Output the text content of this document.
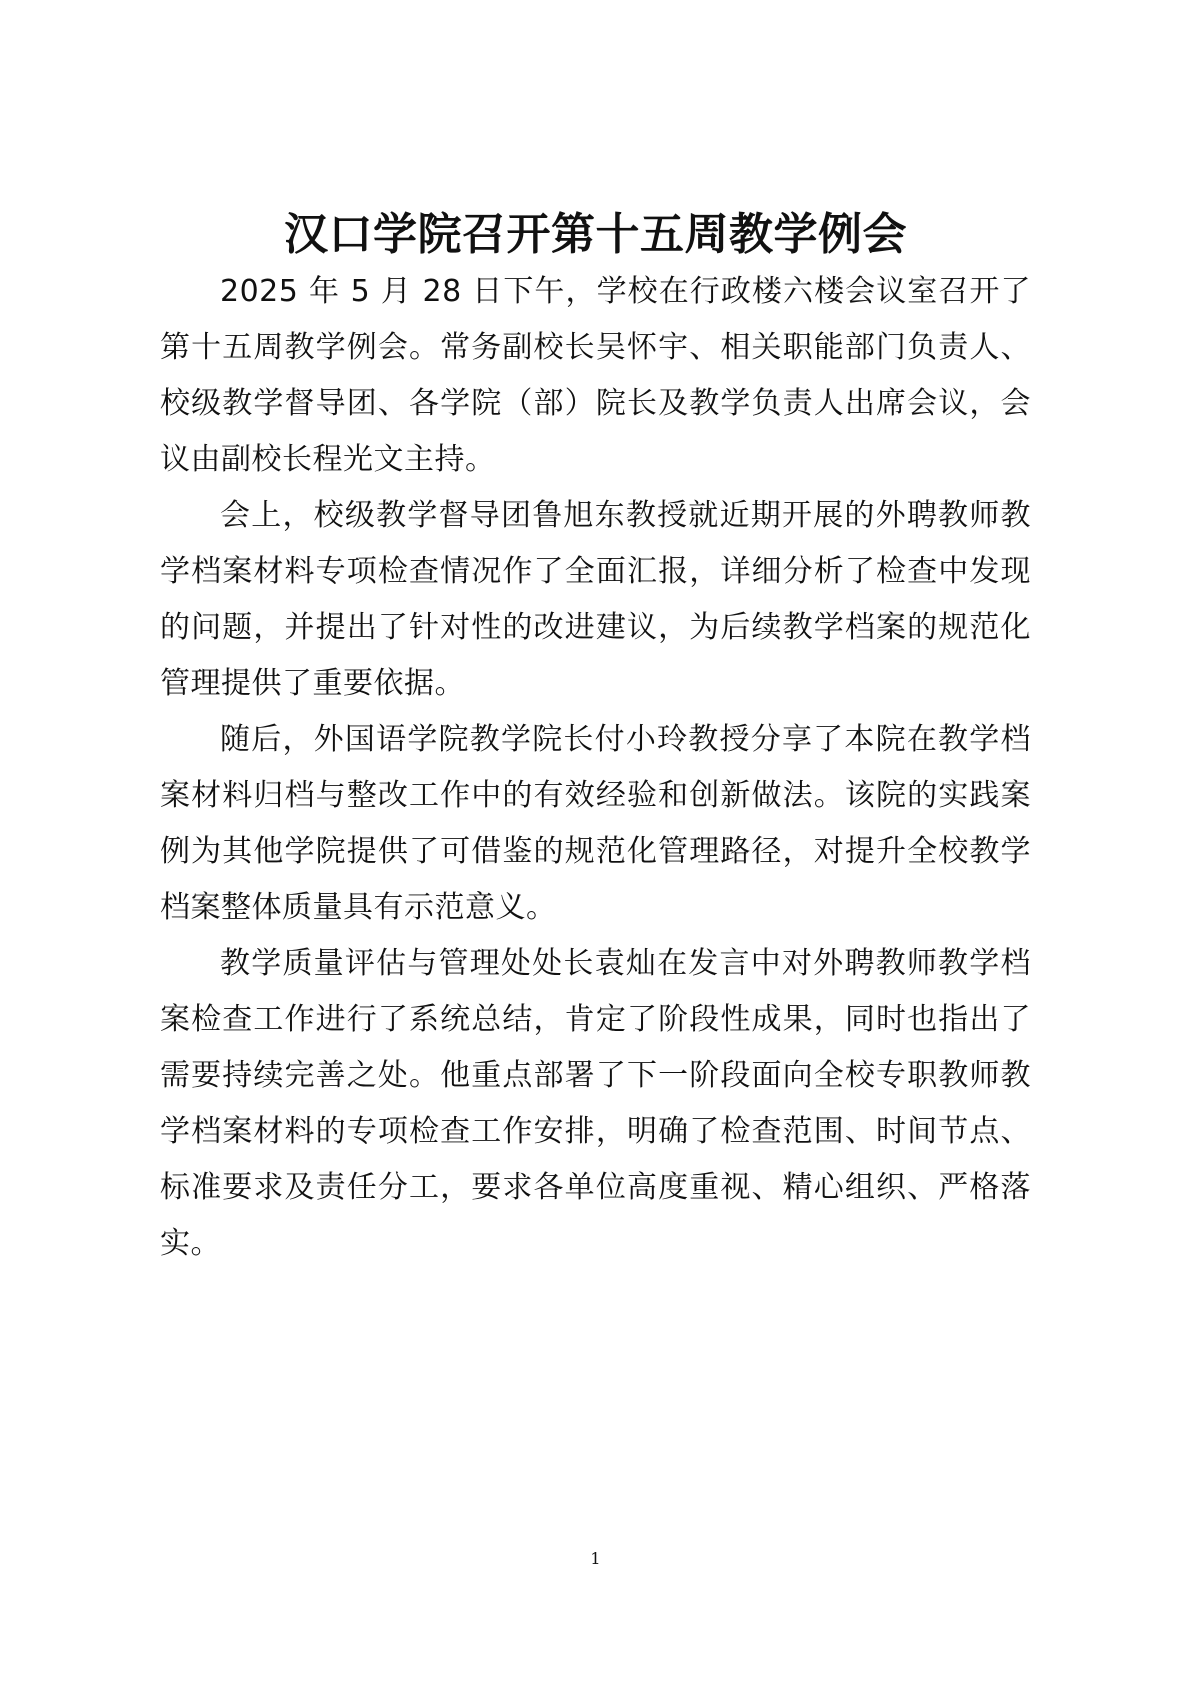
汉口学院召开第十五周教学例会

2025 年 5 月 28 日下午，学校在行政楼六楼会议室召开了第十五周教学例会。常务副校长吴怀宇、相关职能部门负责人、校级教学督导团、各学院（部）院长及教学负责人出席会议，会议由副校长程光文主持。

会上，校级教学督导团鲁旭东教授就近期开展的外聘教师教学档案材料专项检查情况作了全面汇报，详细分析了检查中发现的问题，并提出了针对性的改进建议，为后续教学档案的规范化管理提供了重要依据。

随后，外国语学院教学院长付小玲教授分享了本院在教学档案材料归档与整改工作中的有效经验和创新做法。该院的实践案例为其他学院提供了可借鉴的规范化管理路径，对提升全校教学档案整体质量具有示范意义。

教学质量评估与管理处处长袁灿在发言中对外聘教师教学档案检查工作进行了系统总结，肯定了阶段性成果，同时也指出了需要持续完善之处。他重点部署了下一阶段面向全校专职教师教学档案材料的专项检查工作安排，明确了检查范围、时间节点、标准要求及责任分工，要求各单位高度重视、精心组织、严格落实。

1
